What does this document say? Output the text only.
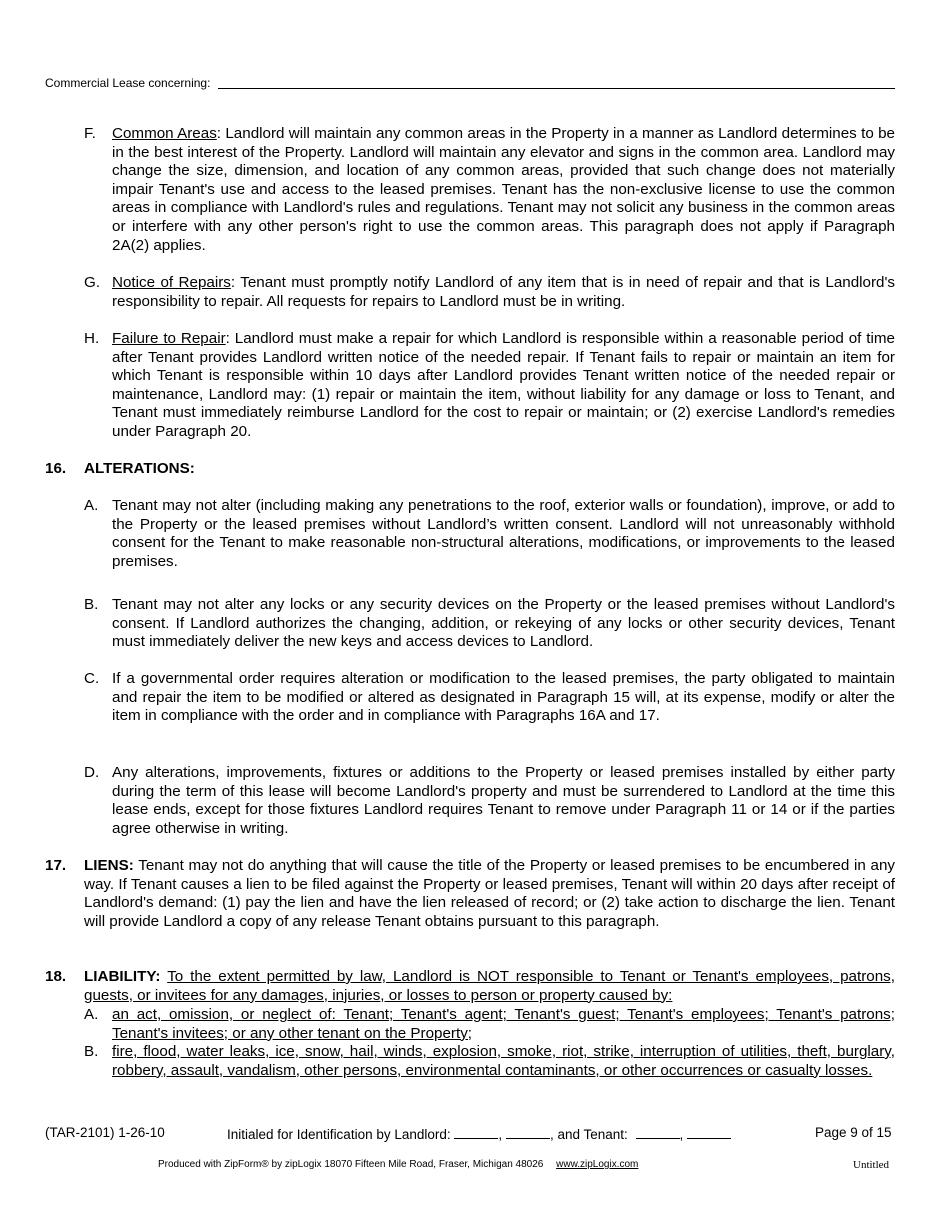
Commercial Lease concerning:
F.	Common Areas: Landlord will maintain any common areas in the Property in a manner as Landlord determines to be in the best interest of the Property. Landlord will maintain any elevator and signs in the common area. Landlord may change the size, dimension, and location of any common areas, provided that such change does not materially impair Tenant's use and access to the leased premises. Tenant has the non-exclusive license to use the common areas in compliance with Landlord's rules and regulations. Tenant may not solicit any business in the common areas or interfere with any other person's right to use the common areas. This paragraph does not apply if Paragraph 2A(2) applies.
G. Notice of Repairs: Tenant must promptly notify Landlord of any item that is in need of repair and that is Landlord's responsibility to repair. All requests for repairs to Landlord must be in writing.
H. Failure to Repair: Landlord must make a repair for which Landlord is responsible within a reasonable period of time after Tenant provides Landlord written notice of the needed repair. If Tenant fails to repair or maintain an item for which Tenant is responsible within 10 days after Landlord provides Tenant written notice of the needed repair or maintenance, Landlord may: (1) repair or maintain the item, without liability for any damage or loss to Tenant, and Tenant must immediately reimburse Landlord for the cost to repair or maintain; or (2) exercise Landlord's remedies under Paragraph 20.
16.	ALTERATIONS:
A. Tenant may not alter (including making any penetrations to the roof, exterior walls or foundation), improve, or add to the Property or the leased premises without Landlord’s written consent. Landlord will not unreasonably withhold consent for the Tenant to make reasonable non-structural alterations, modifications, or improvements to the leased premises.
B. Tenant may not alter any locks or any security devices on the Property or the leased premises without Landlord's consent. If Landlord authorizes the changing, addition, or rekeying of any locks or other security devices, Tenant must immediately deliver the new keys and access devices to Landlord.
C. If a governmental order requires alteration or modification to the leased premises, the party obligated to maintain and repair the item to be modified or altered as designated in Paragraph 15 will, at its expense, modify or alter the item in compliance with the order and in compliance with Paragraphs 16A and 17.
D. Any alterations, improvements, fixtures or additions to the Property or leased premises installed by either party during the term of this lease will become Landlord's property and must be surrendered to Landlord at the time this lease ends, except for those fixtures Landlord requires Tenant to remove under Paragraph 11 or 14 or if the parties agree otherwise in writing.
17.	LIENS: Tenant may not do anything that will cause the title of the Property or leased premises to be encumbered in any way. If Tenant causes a lien to be filed against the Property or leased premises, Tenant will within 20 days after receipt of Landlord's demand: (1) pay the lien and have the lien released of record; or (2) take action to discharge the lien. Tenant will provide Landlord a copy of any release Tenant obtains pursuant to this paragraph.
18.	LIABILITY: To the extent permitted by law, Landlord is NOT responsible to Tenant or Tenant's employees, patrons, guests, or invitees for any damages, injuries, or losses to person or property caused by:
A. an act, omission, or neglect of: Tenant; Tenant's agent; Tenant's guest; Tenant's employees; Tenant's patrons; Tenant's invitees; or any other tenant on the Property;
B. fire, flood, water leaks, ice, snow, hail, winds, explosion, smoke, riot, strike, interruption of utilities, theft, burglary, robbery, assault, vandalism, other persons, environmental contaminants, or other occurrences or casualty losses.
(TAR-2101) 1-26-10	Initialed for Identification by Landlord:	,	, and Tenant:	,	Page 9 of 15
Produced with ZipForm® by zipLogix 18070 Fifteen Mile Road, Fraser, Michigan 48026 www.zipLogix.com	Untitled
